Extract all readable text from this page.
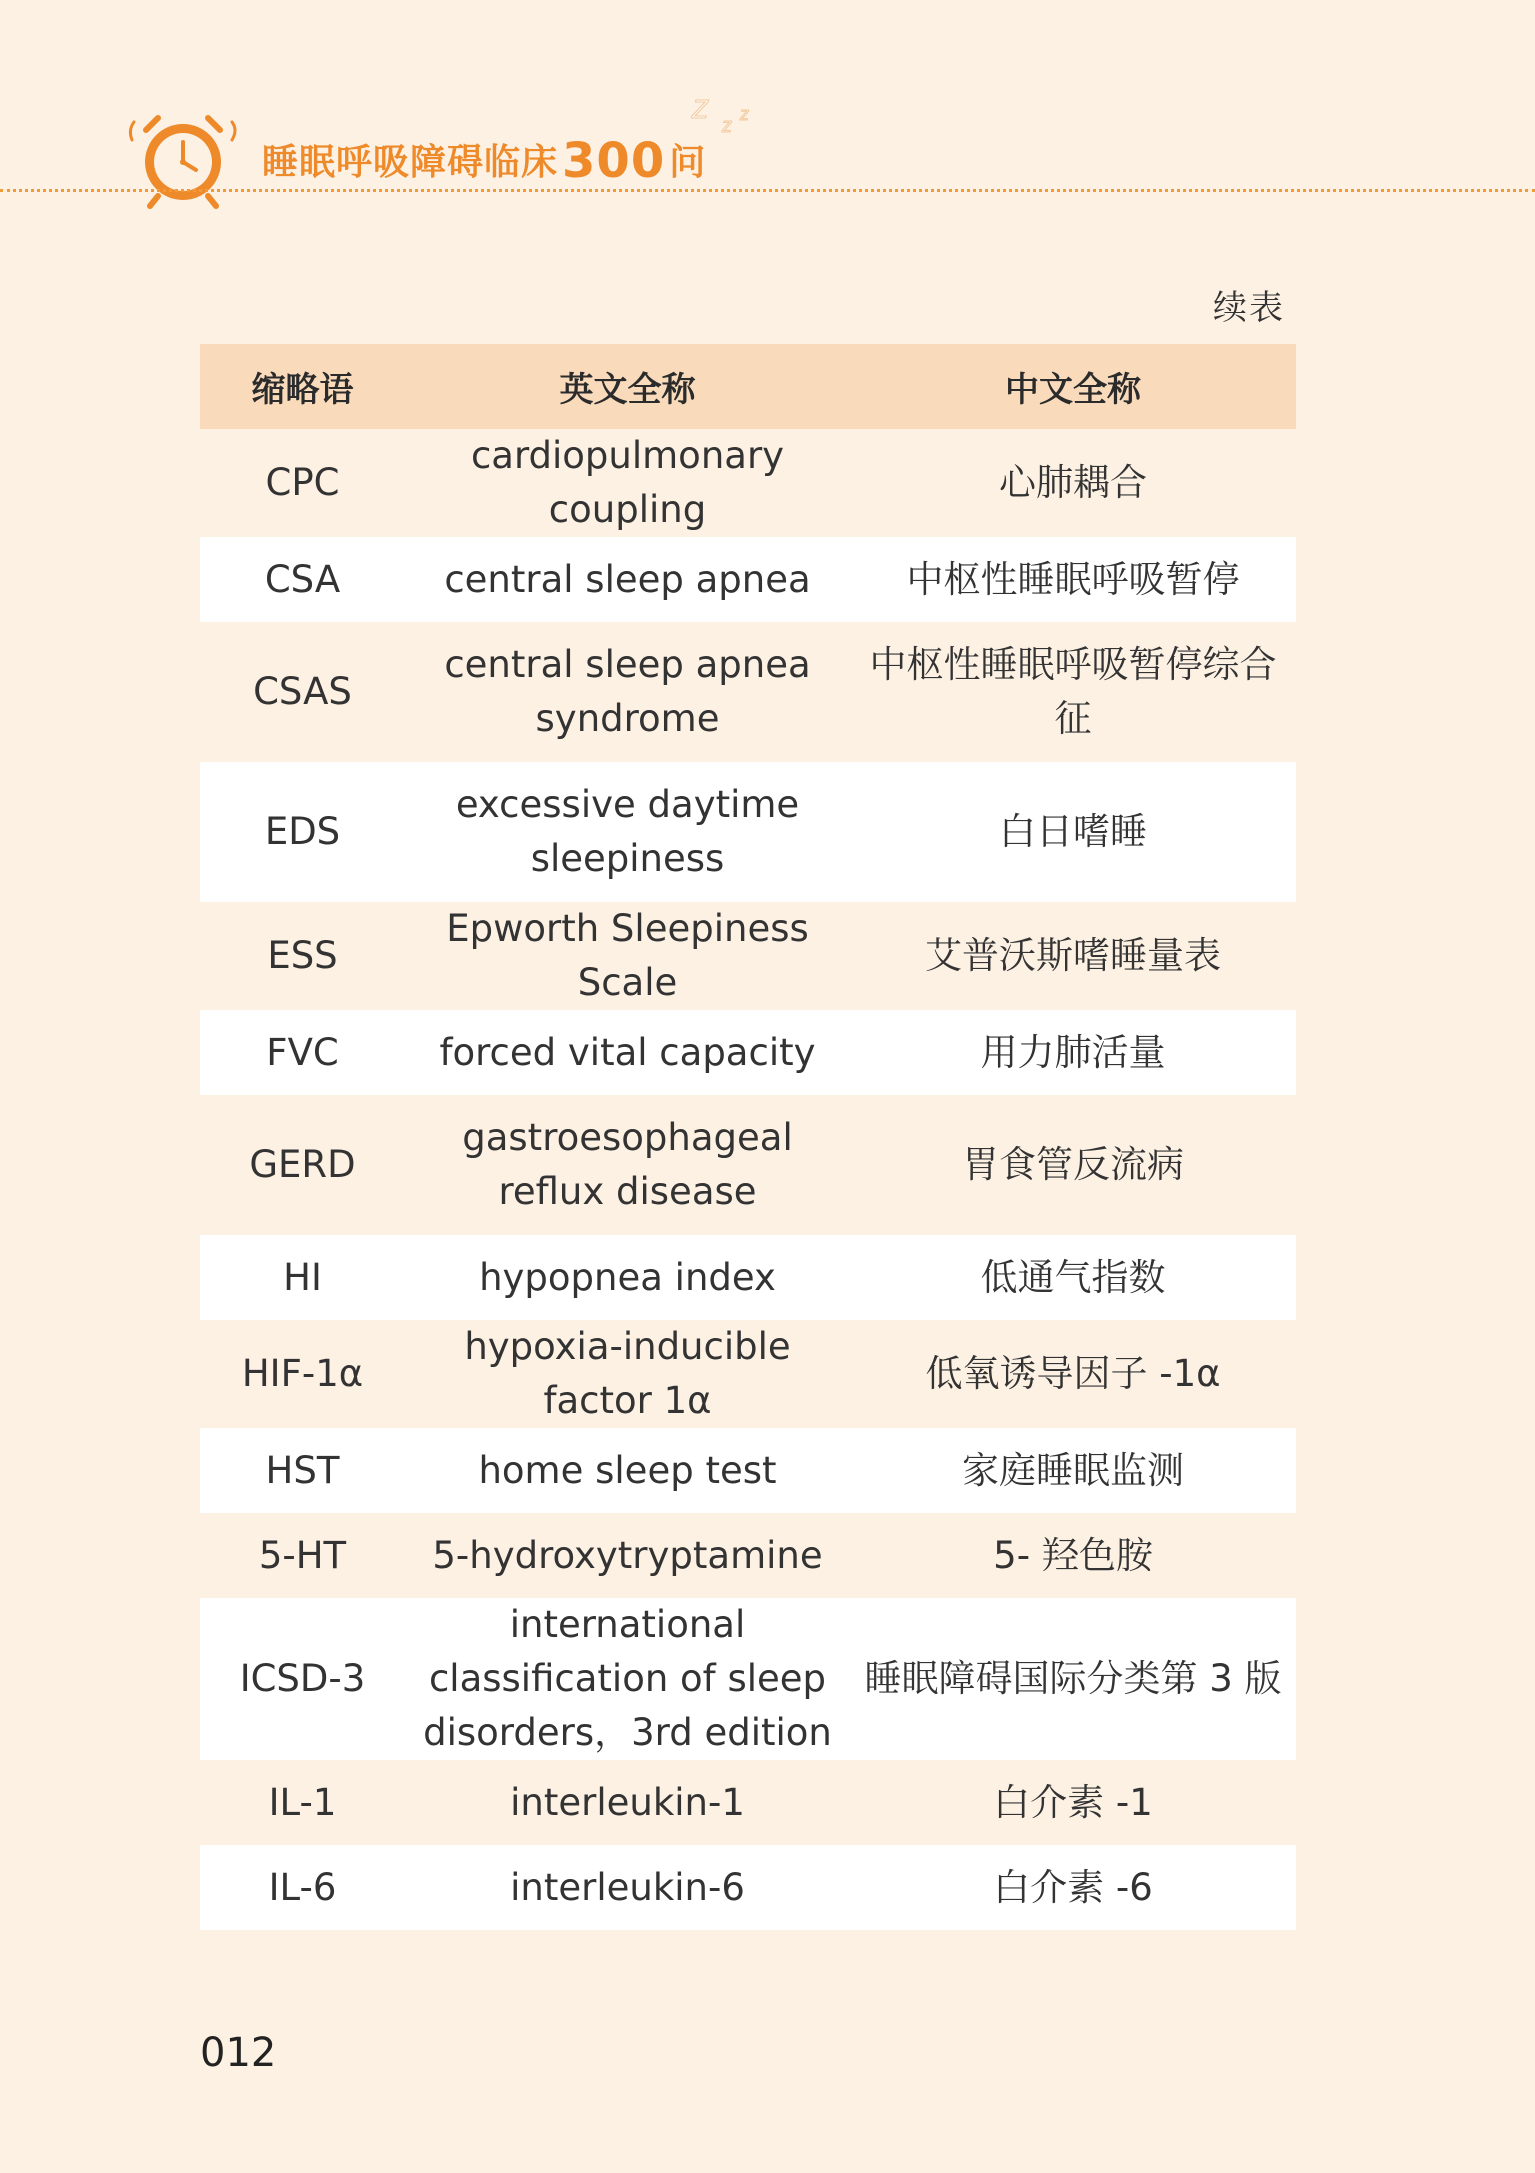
睡眠呼吸障碍临床300 问
Z
z
z
续表
缩略语	英文全称	中文全称
CPC	cardiopulmonary coupling	心肺耦合
CSA	central sleep apnea	中枢性睡眠呼吸暂停
CSAS	central sleep apnea syndrome	中枢性睡眠呼吸暂停综合征
EDS	excessive daytime sleepiness	白日嗜睡
ESS	Epworth Sleepiness Scale	艾普沃斯嗜睡量表
FVC	forced vital capacity	用力肺活量
GERD	gastroesophageal reflux disease	胃食管反流病
HI	hypopnea index	低通气指数
HIF-1α	hypoxia-inducible factor 1α	低氧诱导因子 -1α
HST	home sleep test	家庭睡眠监测
5-HT	5-hydroxytryptamine	5- 羟色胺
ICSD-3	international classification of sleep disorders，3rd edition	睡眠障碍国际分类第 3 版
IL-1	interleukin-1	白介素 -1
IL-6	interleukin-6	白介素 -6
012
